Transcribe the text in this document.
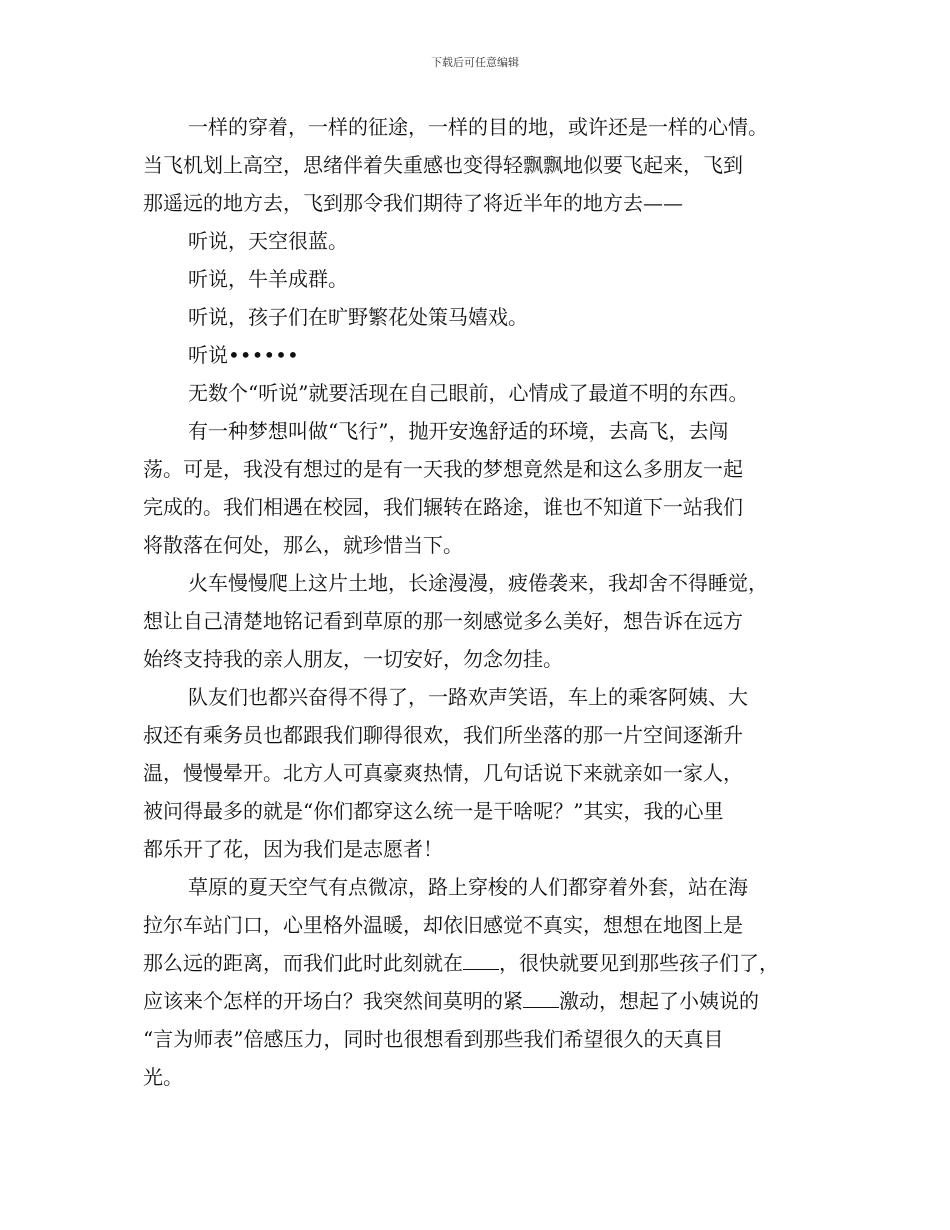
下载后可任意编辑
一样的穿着，一样的征途，一样的目的地，或许还是一样的心情。
当飞机划上高空，思绪伴着失重感也变得轻飘飘地似要飞起来，飞到
那遥远的地方去，飞到那令我们期待了将近半年的地方去——
听说，天空很蓝。
听说，牛羊成群。
听说，孩子们在旷野繁花处策马嬉戏。
听说••••••
无数个“听说”就要活现在自己眼前，心情成了最道不明的东西。
有一种梦想叫做“飞行”，抛开安逸舒适的环境，去高飞，去闯
荡。可是，我没有想过的是有一天我的梦想竟然是和这么多朋友一起
完成的。我们相遇在校园，我们辗转在路途，谁也不知道下一站我们
将散落在何处，那么，就珍惜当下。
火车慢慢爬上这片土地，长途漫漫，疲倦袭来，我却舍不得睡觉，
想让自己清楚地铭记看到草原的那一刻感觉多么美好，想告诉在远方
始终支持我的亲人朋友，一切安好，勿念勿挂。
队友们也都兴奋得不得了，一路欢声笑语，车上的乘客阿姨、大
叔还有乘务员也都跟我们聊得很欢，我们所坐落的那一片空间逐渐升
温，慢慢晕开。北方人可真豪爽热情，几句话说下来就亲如一家人，
被问得最多的就是“你们都穿这么统一是干啥呢？”其实，我的心里
都乐开了花，因为我们是志愿者！
草原的夏天空气有点微凉，路上穿梭的人们都穿着外套，站在海
拉尔车站门口，心里格外温暖，却依旧感觉不真实，想想在地图上是
那么远的距离，而我们此时此刻就在 ，很快就要见到那些孩子们了，
应该来个怎样的开场白？我突然间莫明的紧 激动，想起了小姨说的
“言为师表”倍感压力，同时也很想看到那些我们希望很久的天真目
光。
